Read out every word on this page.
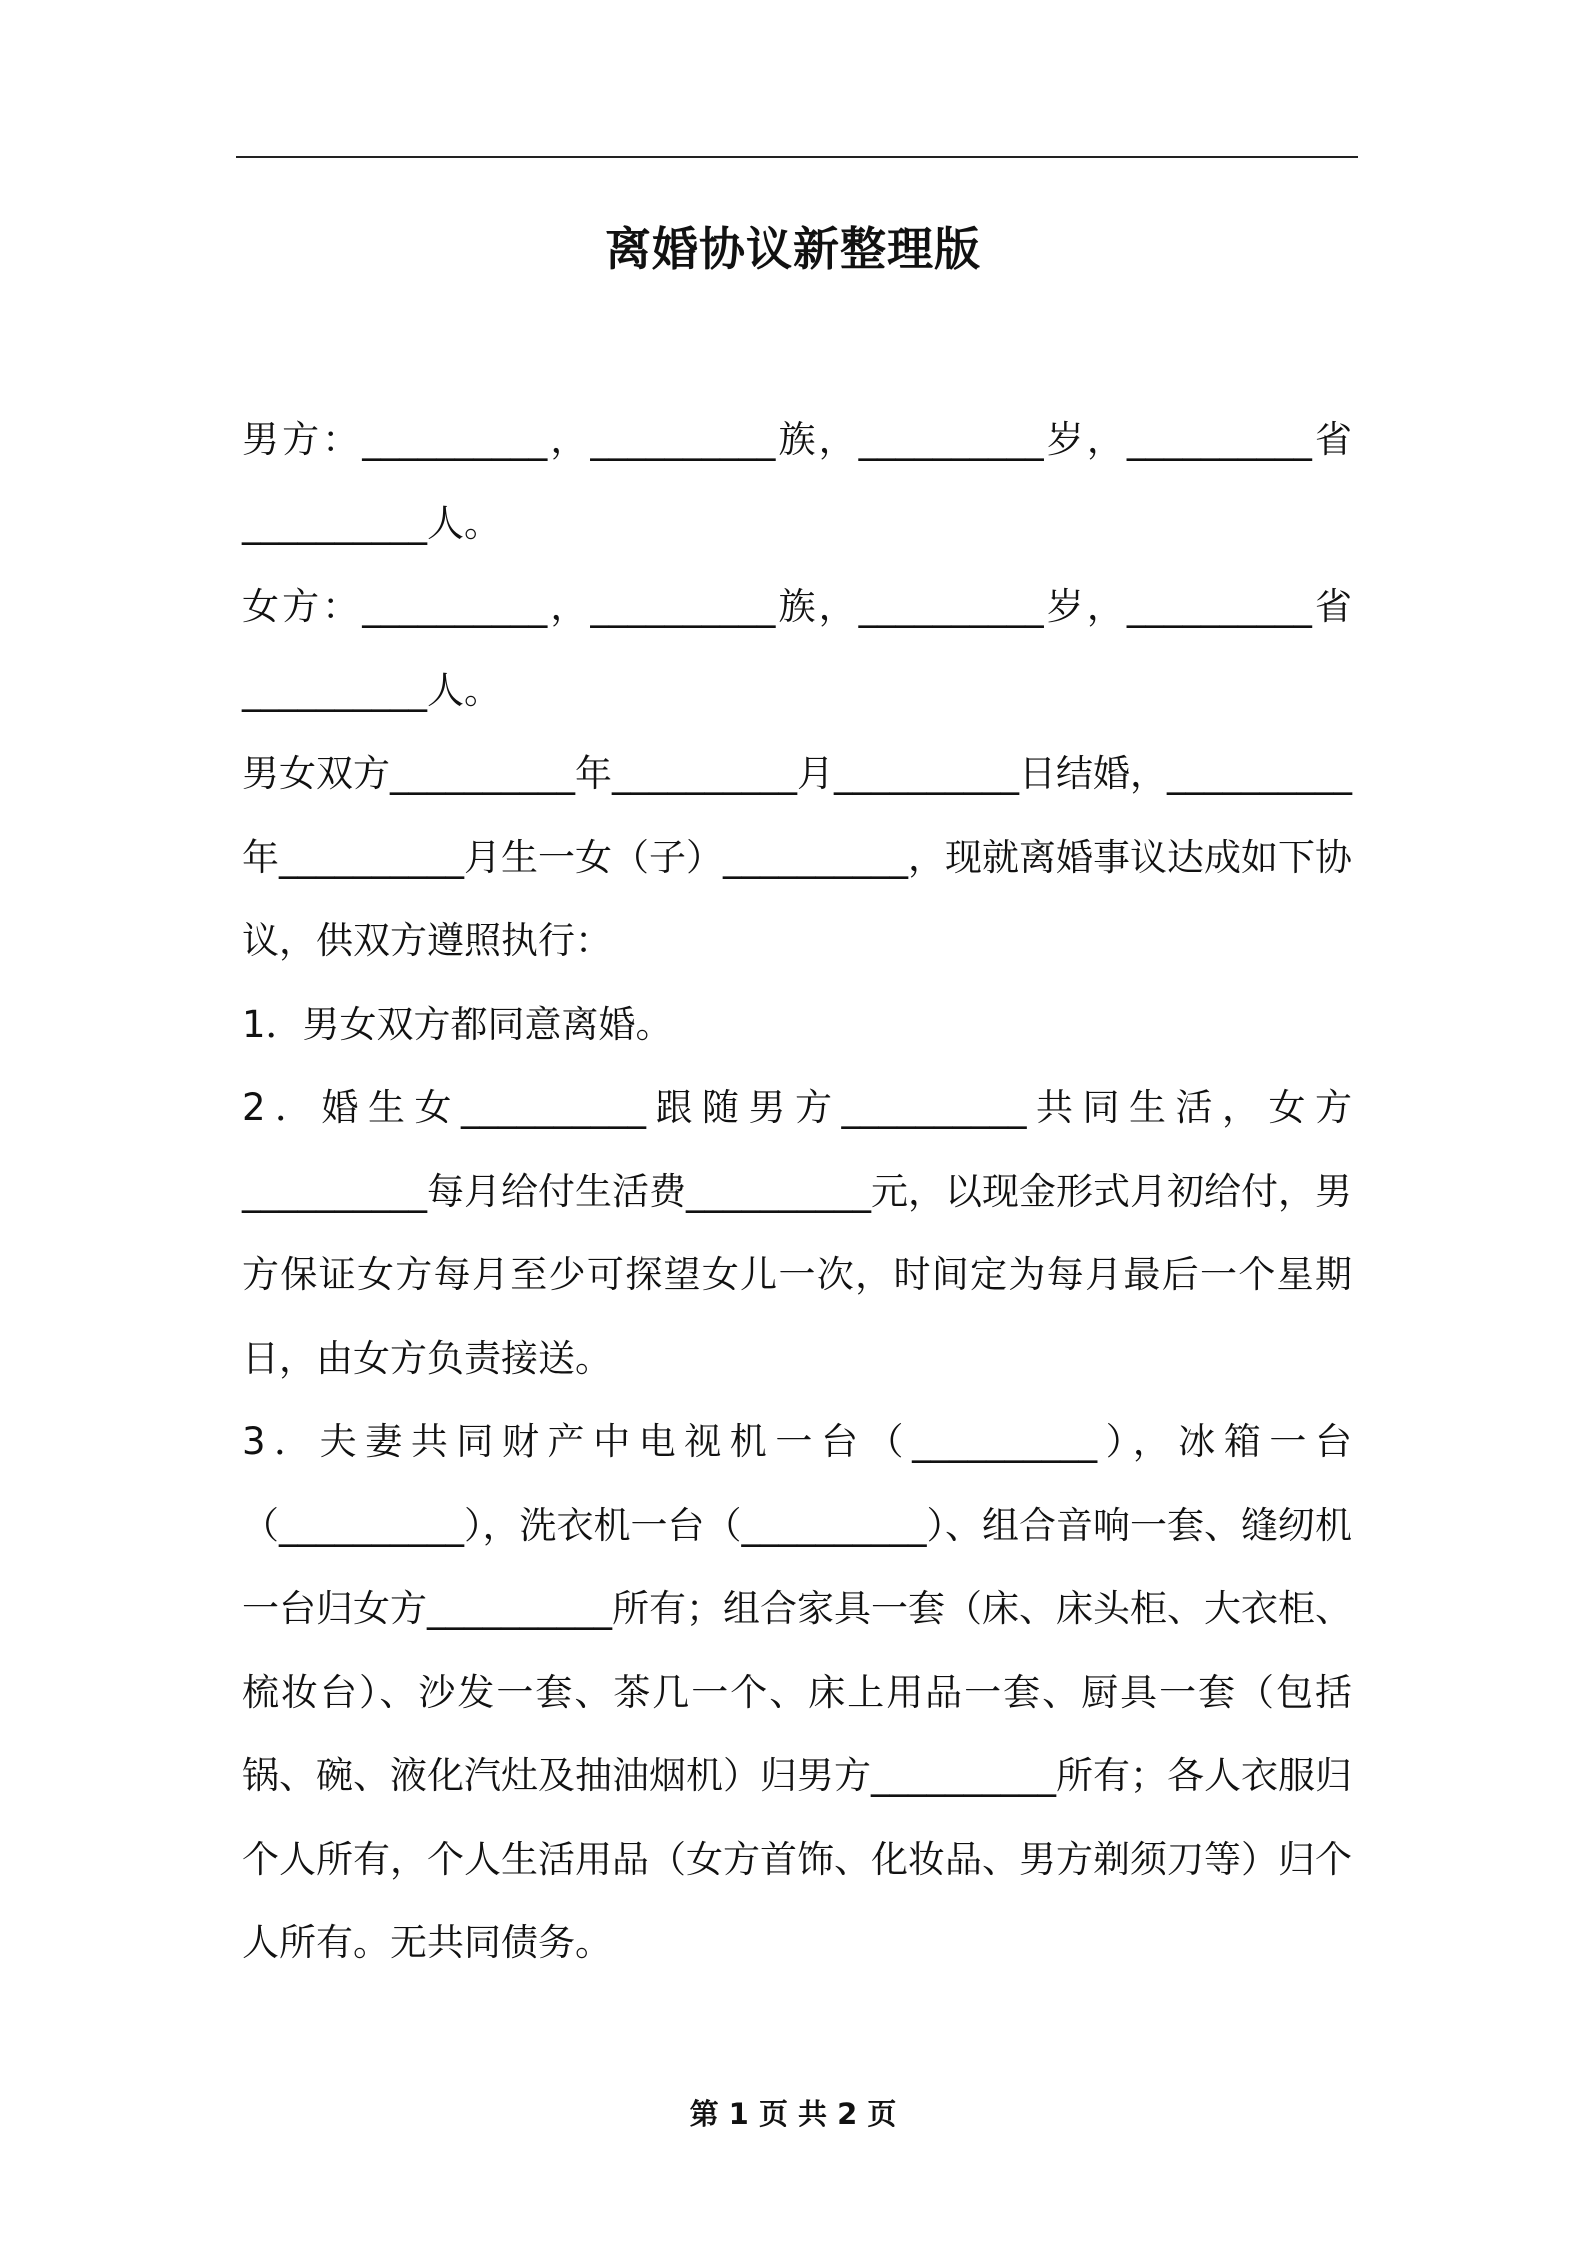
离婚协议新整理版

男方：__________，__________族，__________岁，__________省__________人。

女方：__________，__________族，__________岁，__________省__________人。

男女双方__________年__________月__________日结婚，__________年__________月生一女（子）__________，现就离婚事议达成如下协议，供双方遵照执行：

1．男女双方都同意离婚。

2．婚生女__________跟随男方__________共同生活，女方__________每月给付生活费__________元，以现金形式月初给付，男方保证女方每月至少可探望女儿一次，时间定为每月最后一个星期日，由女方负责接送。

3．夫妻共同财产中电视机一台（__________），冰箱一台（__________），洗衣机一台（__________）、组合音响一套、缝纫机一台归女方__________所有；组合家具一套（床、床头柜、大衣柜、梳妆台）、沙发一套、茶几一个、床上用品一套、厨具一套（包括锅、碗、液化汽灶及抽油烟机）归男方__________所有；各人衣服归个人所有，个人生活用品（女方首饰、化妆品、男方剃须刀等）归个人所有。无共同债务。

第 1 页 共 2 页
